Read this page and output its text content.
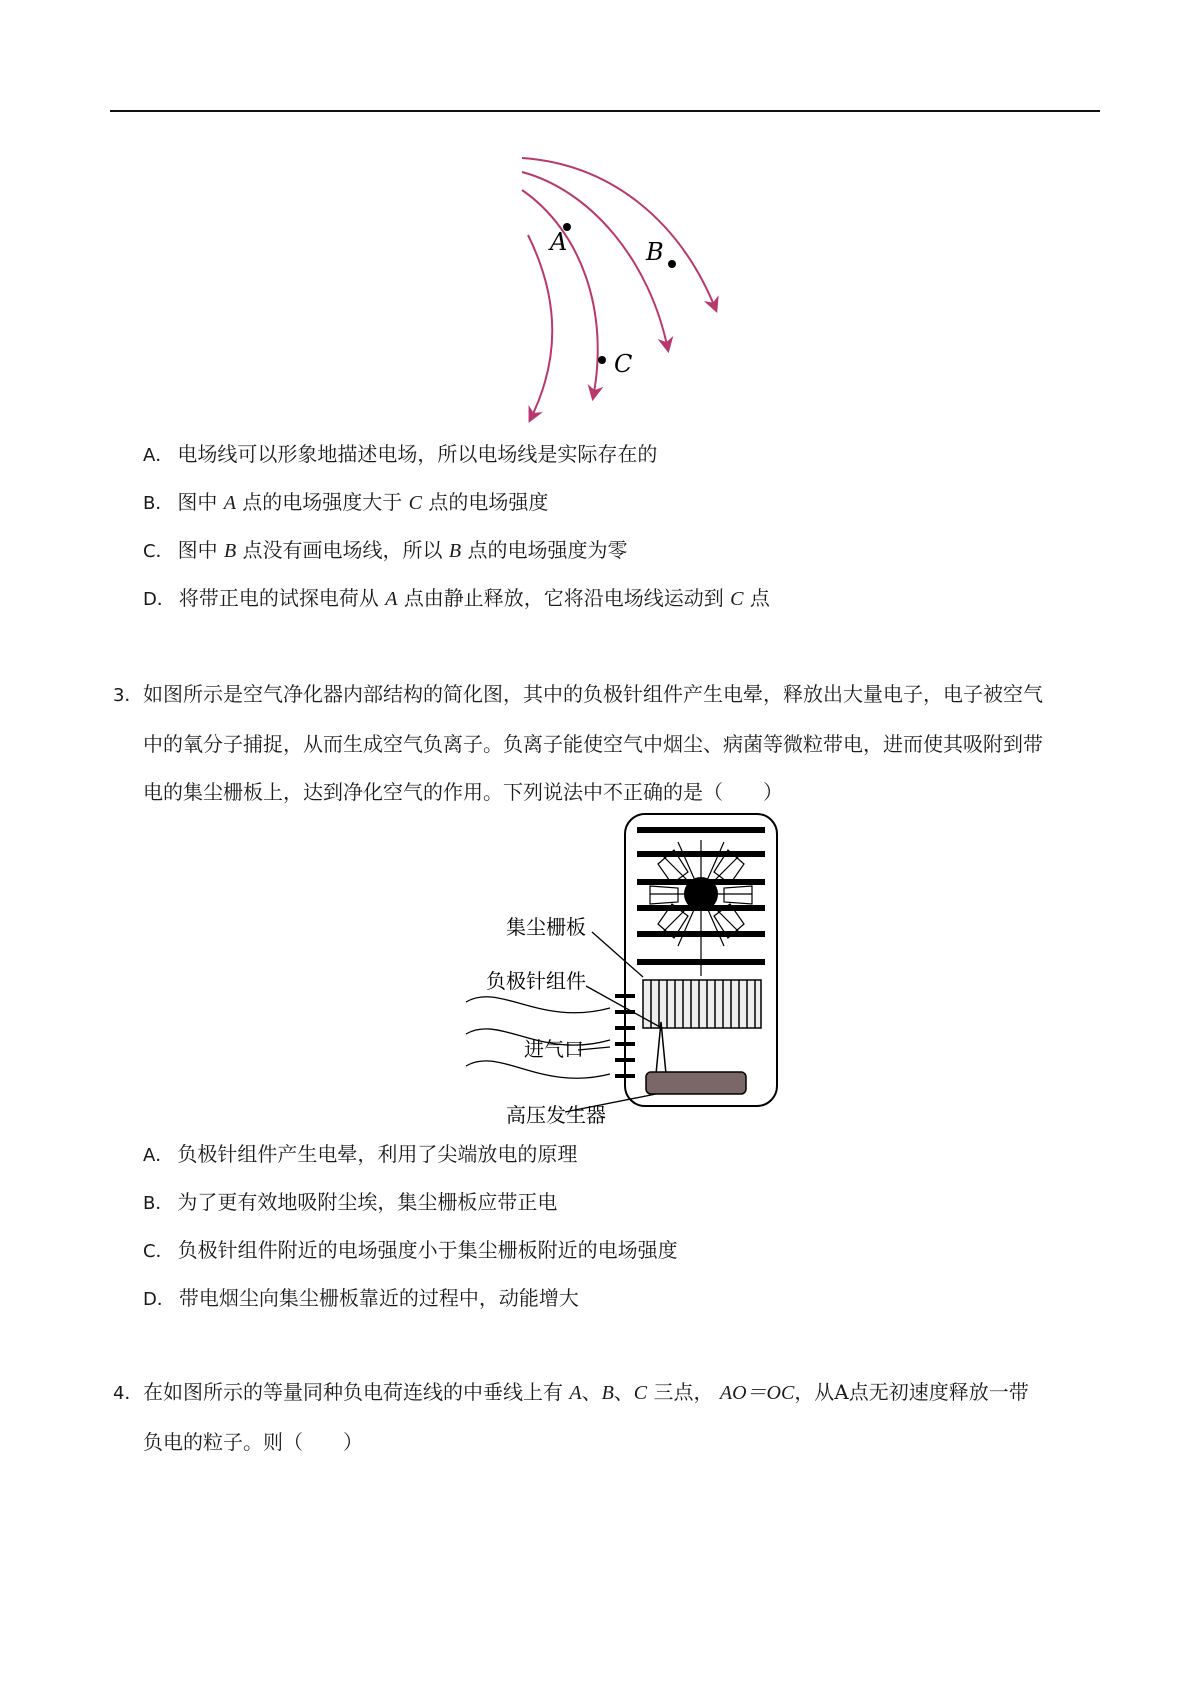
A	B
C
A． 电场线可以形象地描述电场，所以电场线是实际存在的
B． 图中 A 点的电场强度大于 C 点的电场强度
C． 图中 B 点没有画电场线，所以 B 点的电场强度为零
D． 将带正电的试探电荷从 A 点由静止释放，它将沿电场线运动到 C 点
3．如图所示是空气净化器内部结构的简化图，其中的负极针组件产生电晕，释放出大量电子，电子被空气
中的氧分子捕捉，从而生成空气负离子。负离子能使空气中烟尘、病菌等微粒带电，进而使其吸附到带
电的集尘栅板上，达到净化空气的作用。下列说法中不正确的是（　　）
集尘栅板
负极针组件
进气口
高压发生器
A． 负极针组件产生电晕，利用了尖端放电的原理
B． 为了更有效地吸附尘埃，集尘栅板应带正电
C． 负极针组件附近的电场强度小于集尘栅板附近的电场强度
D． 带电烟尘向集尘栅板靠近的过程中，动能增大
4．在如图所示的等量同种负电荷连线的中垂线上有 A、B、C 三点， AO＝OC，从A点无初速度释放一带
负电的粒子。则（　　）
